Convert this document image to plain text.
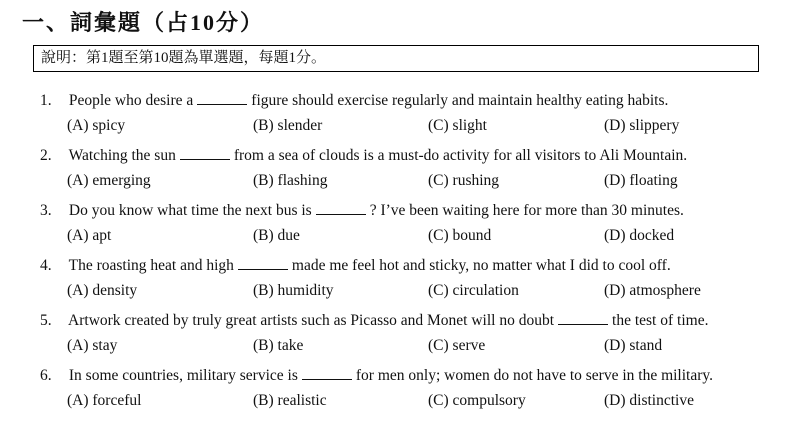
一、詞彙題（占10分）
說明：第1題至第10題為單選題，每題1分。
1. People who desire a	figure should exercise regularly and maintain healthy eating habits.
(A) spicy	(B) slender	(C) slight	(D) slippery
2. Watching the sun	from a sea of clouds is a must-do activity for all visitors to Ali Mountain.
(A) emerging	(B) flashing	(C) rushing	(D) floating
3. Do you know what time the next bus is	? I’ve been waiting here for more than 30 minutes.
(A) apt	(B) due	(C) bound	(D) docked
4. The roasting heat and high	made me feel hot and sticky, no matter what I did to cool off.
(A) density	(B) humidity	(C) circulation	(D) atmosphere
5. Artwork created by truly great artists such as Picasso and Monet will no doubt	the test of time.
(A) stay	(B) take	(C) serve	(D) stand
6. In some countries, military service is	for men only; women do not have to serve in the military.
(A) forceful	(B) realistic	(C) compulsory	(D) distinctive
